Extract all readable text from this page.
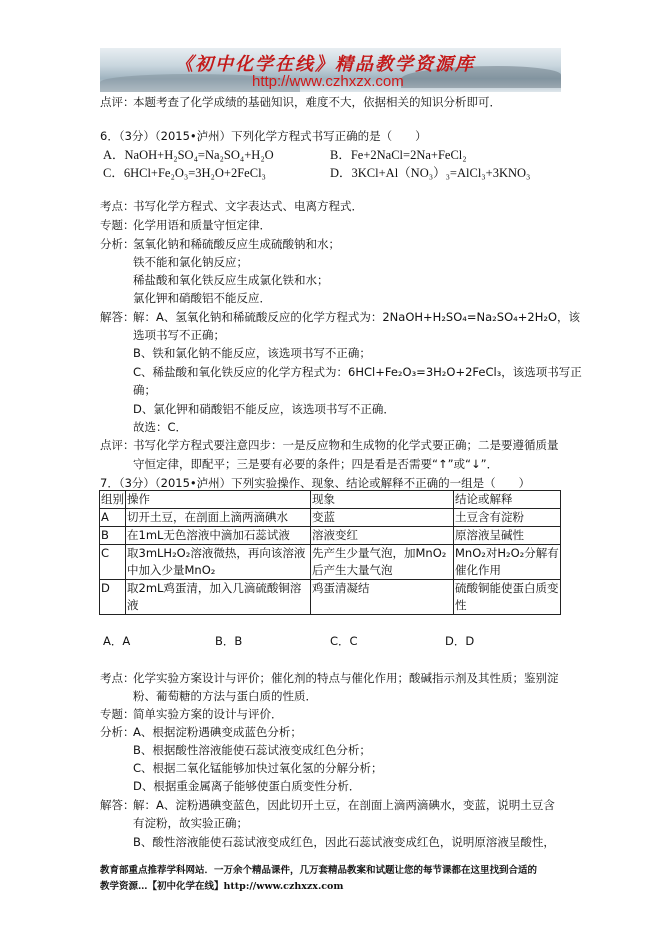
《初中化学在线》精品教学资源库
http://www.czhxzx.com
点评：
本题考查了化学成绩的基础知识，难度不大，依据相关的知识分析即可．
6．（3分）（2015•泸州）下列化学方程式书写正确的是（　　）
A．NaOH+H₂SO₄=Na₂SO₄+H₂O	B．Fe+2NaCl=2Na+FeCl₂
C．6HCl+Fe₂O₃=3H₂O+2FeCl₃	D．3KCl+Al（NO₃）₃=AlCl₃+3KNO₃
考点：
书写化学方程式、文字表达式、电离方程式．
专题：
化学用语和质量守恒定律．
分析：
氢氧化钠和稀硫酸反应生成硫酸钠和水；
铁不能和氯化钠反应；
稀盐酸和氧化铁反应生成氯化铁和水；
氯化钾和硝酸铝不能反应．
解答：
解：A、氢氧化钠和稀硫酸反应的化学方程式为：2NaOH+H₂SO₄=Na₂SO₄+2H₂O，该
选项书写不正确；
B、铁和氯化钠不能反应，该选项书写不正确；
C、稀盐酸和氧化铁反应的化学方程式为：6HCl+Fe₂O₃=3H₂O+2FeCl₃，该选项书写正
确；
D、氯化钾和硝酸铝不能反应，该选项书写不正确．
故选：C．
点评：
书写化学方程式要注意四步：一是反应物和生成物的化学式要正确；二是要遵循质量
守恒定律，即配平；三是要有必要的条件；四是看是否需要“↑”或“↓”．
7．（3分）（2015•泸州）下列实验操作、现象、结论或解释不正确的一组是（　　）
组别	操作	现象	结论或解释
A	切开土豆，在剖面上滴两滴碘水	变蓝	土豆含有淀粉
B	在1mL无色溶液中滴加石蕊试液	溶液变红	原溶液呈碱性
C	取3mLH₂O₂溶液微热，再向该溶液中加入少量MnO₂	先产生少量气泡，加MnO₂后产生大量气泡	MnO₂对H₂O₂分解有催化作用
D	取2mL鸡蛋清，加入几滴硫酸铜溶液	鸡蛋清凝结	硫酸铜能使蛋白质变性
A．A	B．B	C．C	D．D
考点：
化学实验方案设计与评价；催化剂的特点与催化作用；酸碱指示剂及其性质；鉴别淀
粉、葡萄糖的方法与蛋白质的性质．
专题：
简单实验方案的设计与评价．
分析：
A、根据淀粉遇碘变成蓝色分析；
B、根据酸性溶液能使石蕊试液变成红色分析；
C、根据二氧化锰能够加快过氧化氢的分解分析；
D、根据重金属离子能够使蛋白质变性分析．
解答：
解：A、淀粉遇碘变蓝色，因此切开土豆，在剖面上滴两滴碘水，变蓝，说明土豆含
有淀粉，故实验正确；
B、酸性溶液能使石蕊试液变成红色，因此石蕊试液变成红色，说明原溶液呈酸性，
教育部重点推荐学科网站．一万余个精品课件，几万套精品教案和试题让您的每节课都在这里找到合适的
教学资源…【初中化学在线】http://www.czhxzx.com
